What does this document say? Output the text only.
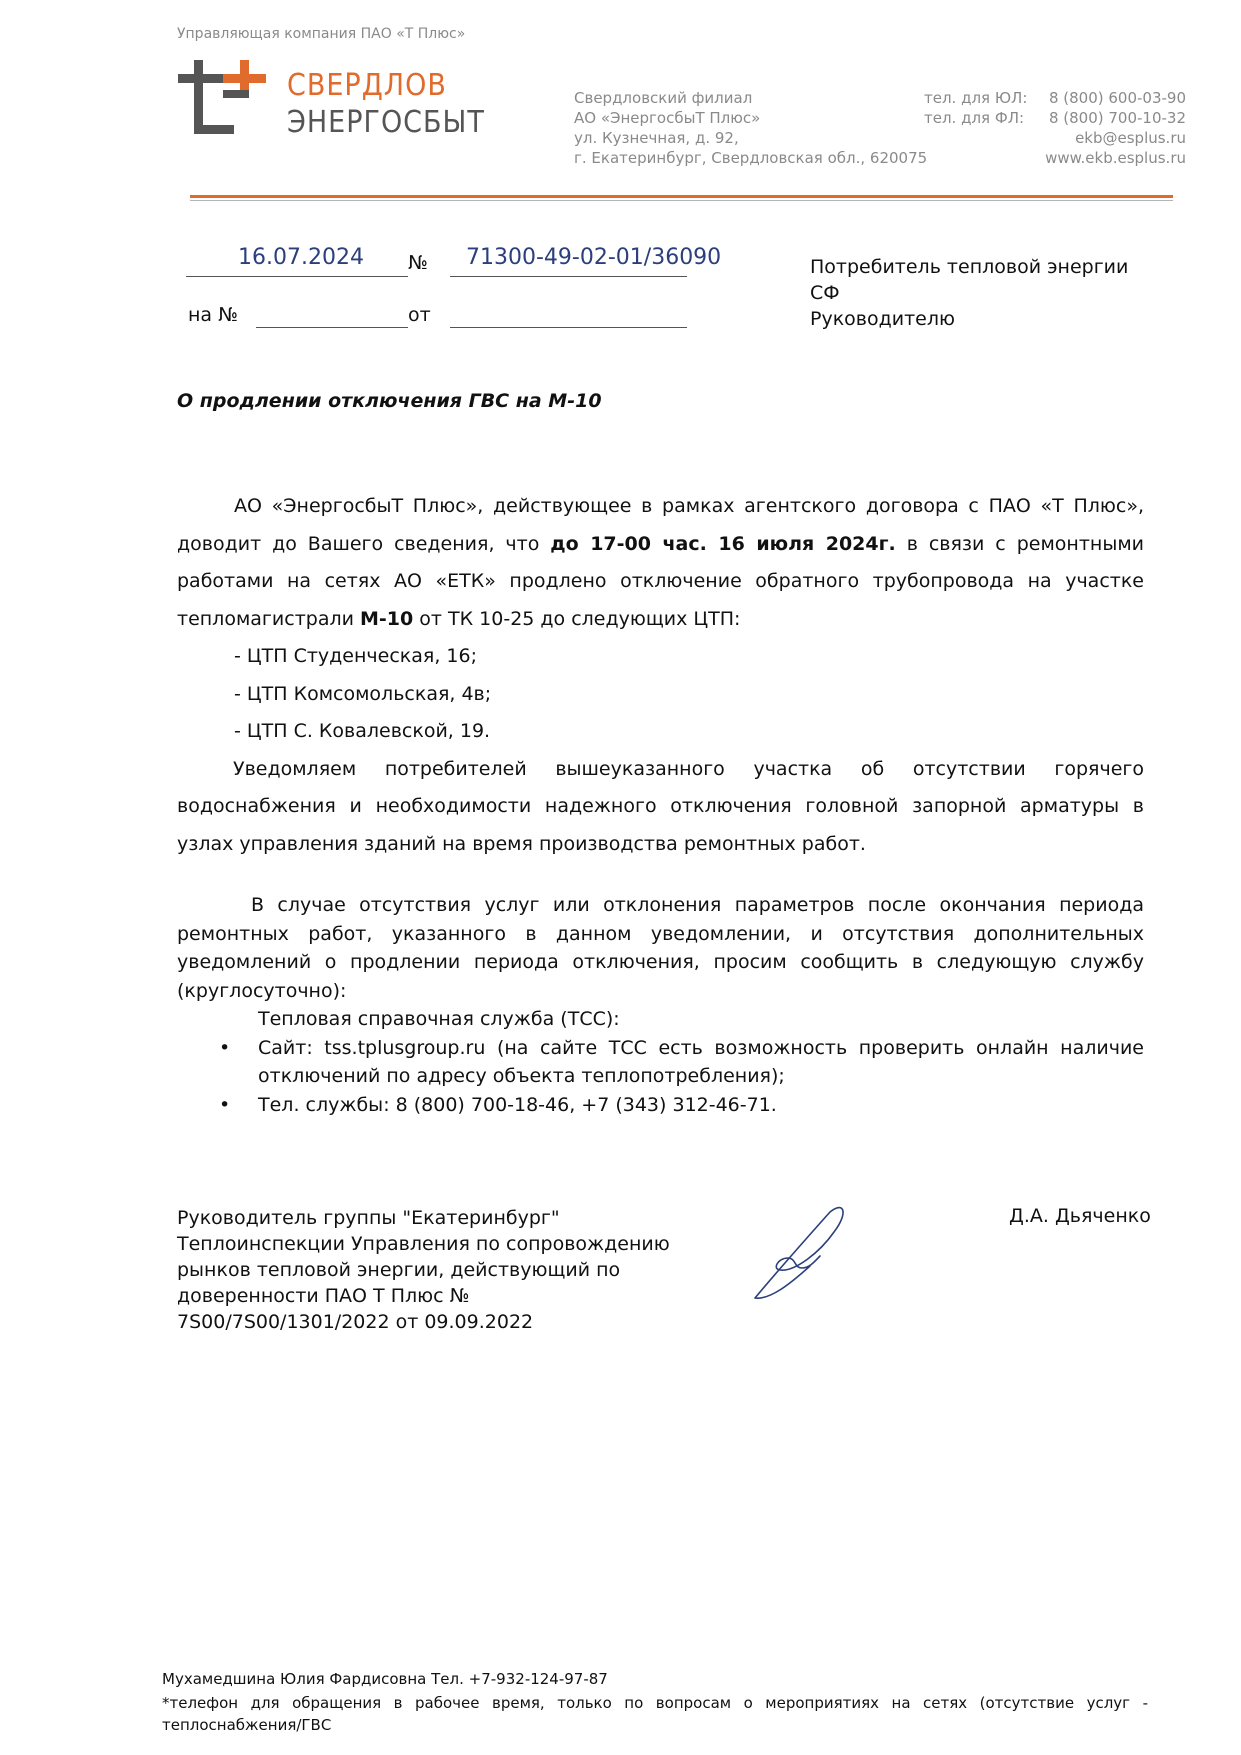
Управляющая компания ПАО «Т Плюс»
СВЕРДЛОВ
ЭНЕРГОСБЫТ
Свердловский филиал
АО «ЭнергосбыТ Плюс»
ул. Кузнечная, д. 92,
г. Екатеринбург, Свердловская обл., 620075
тел. для ЮЛ: 8 (800) 600-03-90
тел. для ФЛ: 8 (800) 700-10-32
ekb@esplus.ru
www.ekb.esplus.ru
16.07.2024 № 71300-49-02-01/36090
на №	от
Потребитель тепловой энергии
СФ
Руководителю
О продлении отключения ГВС на М-10

АО «ЭнергосбыТ Плюс», действующее в рамках агентского договора с ПАО «Т Плюс», доводит до Вашего сведения, что до 17-00 час. 16 июля 2024г. в связи с ремонтными работами на сетях АО «ЕТК» продлено отключение обратного трубопровода на участке тепломагистрали М-10 от ТК 10-25 до следующих ЦТП:

- ЦТП Студенческая, 16;

- ЦТП Комсомольская, 4в;

- ЦТП С. Ковалевской, 19.

Уведомляем потребителей вышеуказанного участка об отсутствии горячего водоснабжения и необходимости надежного отключения головной запорной арматуры в узлах управления зданий на время производства ремонтных работ.

В случае отсутствия услуг или отклонения параметров после окончания периода ремонтных работ, указанного в данном уведомлении, и отсутствия дополнительных уведомлений о продлении периода отключения, просим сообщить в следующую службу (круглосуточно):

Тепловая справочная служба (ТСС):

•	Сайт: tss.tplusgroup.ru (на сайте ТСС есть возможность проверить онлайн наличие отключений по адресу объекта теплопотребления);
•	Тел. службы: 8 (800) 700-18-46, +7 (343) 312-46-71.
Руководитель группы "Екатеринбург"
Теплоинспекции Управления по сопровождению
рынков тепловой энергии, действующий по
доверенности ПАО Т Плюс №
7S00/7S00/1301/2022 от 09.09.2022
Д.А. Дьяченко
Мухамедшина Юлия Фардисовна Тел. +7-932-124-97-87
*телефон для обращения в рабочее время, только по вопросам о мероприятиях на сетях (отсутствие услуг - теплоснабжения/ГВС
